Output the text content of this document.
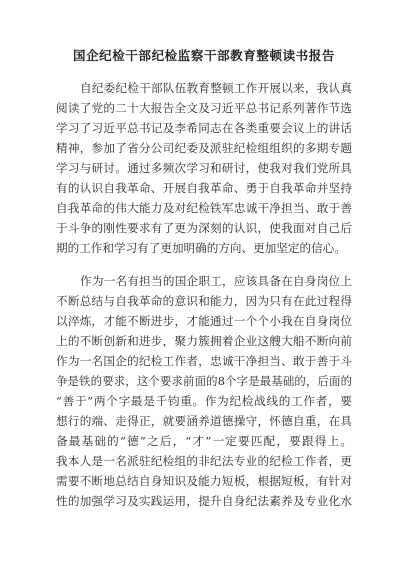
国企纪检干部纪检监察干部教育整顿读书报告
自纪委纪检干部队伍教育整顿工作开展以来，我认真
阅读了党的二十大报告全文及习近平总书记系列著作节选
学习了习近平总书记及李希同志在各类重要会议上的讲话
精神，参加了省分公司纪委及派驻纪检组组织的多期专题
学习与研讨。通过多频次学习和研讨，使我对我们党所具
有的认识自我革命、开展自我革命、勇于自我革命并坚持
自我革命的伟大能力及对纪检铁军忠诚干净担当、敢于善
于斗争的刚性要求有了更为深刻的认识，使我面对自己后
期的工作和学习有了更加明确的方向、更加坚定的信心。
作为一名有担当的国企职工，应该具备在自身岗位上
不断总结与自我革命的意识和能力，因为只有在此过程得
以淬炼，才能不断进步，才能通过一个个小我在自身岗位
上的不断创新和进步，聚力簇拥着企业这艘大船不断向前
作为一名国企的纪检工作者，忠诚干净担当、敢于善于斗
争是铁的要求，这个要求前面的8个字是最基础的，后面的
“善于”两个字最是千钧重。作为纪检战线的工作者，要
想行的端、走得正，就要涵养道德操守，怀德自重，在具
备最基础的“德”之后，“才”一定要匹配，要跟得上。
我本人是一名派驻纪检组的非纪法专业的纪检工作者，更
需要不断地总结自身知识及能力短板，根据短板，有针对
性的加强学习及实践运用，提升自身纪法素养及专业化水
